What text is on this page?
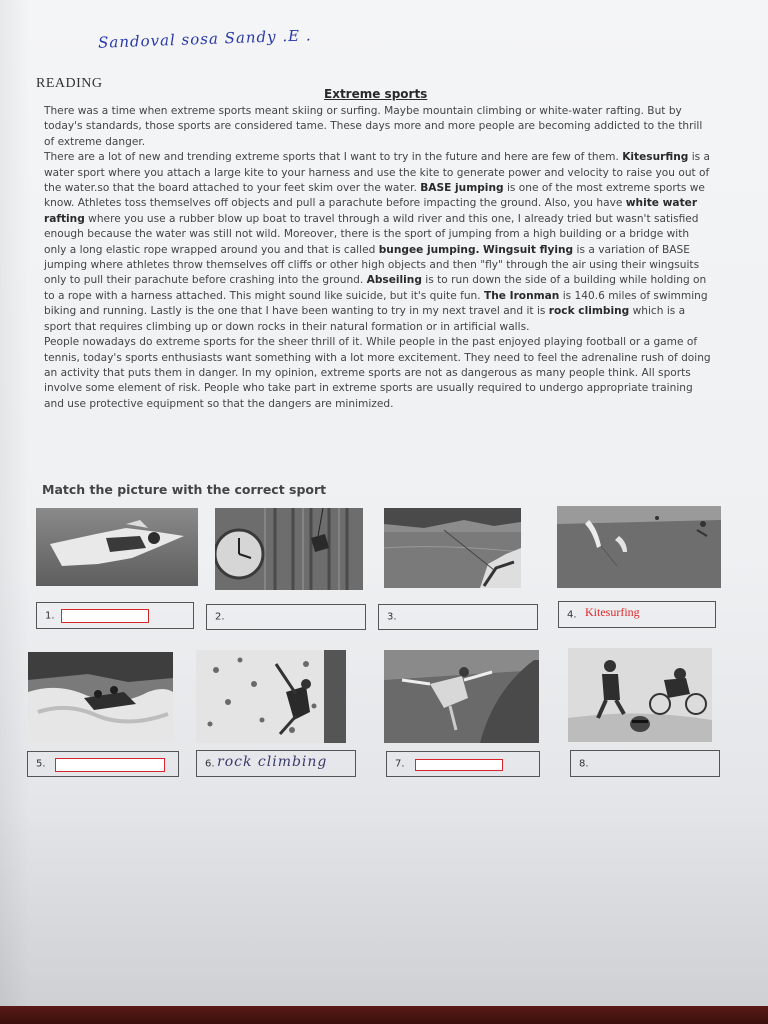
Sandoval sosa Sandy .E .
READING
Extreme sports

There was a time when extreme sports meant skiing or surfing. Maybe mountain climbing or white-water rafting. But by today's standards, those sports are considered tame. These days more and more people are becoming addicted to the thrill of extreme danger.

There are a lot of new and trending extreme sports that I want to try in the future and here are few of them. Kitesurfing is a water sport where you attach a large kite to your harness and use the kite to generate power and velocity to raise you out of the water.so that the board attached to your feet skim over the water. BASE jumping is one of the most extreme sports we know. Athletes toss themselves off objects and pull a parachute before impacting the ground. Also, you have white water rafting where you use a rubber blow up boat to travel through a wild river and this one, I already tried but wasn't satisfied enough because the water was still not wild. Moreover, there is the sport of jumping from a high building or a bridge with only a long elastic rope wrapped around you and that is called bungee jumping. Wingsuit flying is a variation of BASE jumping where athletes throw themselves off cliffs or other high objects and then "fly" through the air using their wingsuits only to pull their parachute before crashing into the ground. Abseiling is to run down the side of a building while holding on to a rope with a harness attached. This might sound like suicide, but it's quite fun. The Ironman is 140.6 miles of swimming biking and running. Lastly is the one that I have been wanting to try in my next travel and it is rock climbing which is a sport that requires climbing up or down rocks in their natural formation or in artificial walls.

People nowadays do extreme sports for the sheer thrill of it. While people in the past enjoyed playing football or a game of tennis, today's sports enthusiasts want something with a lot more excitement. They need to feel the adrenaline rush of doing an activity that puts them in danger. In my opinion, extreme sports are not as dangerous as many people think. All sports involve some element of risk. People who take part in extreme sports are usually required to undergo appropriate training and use protective equipment so that the dangers are minimized.

Match the picture with the correct sport
1.	2.	3.	4. Kitesurfing
5.	6. rock climbing	7.	8.
